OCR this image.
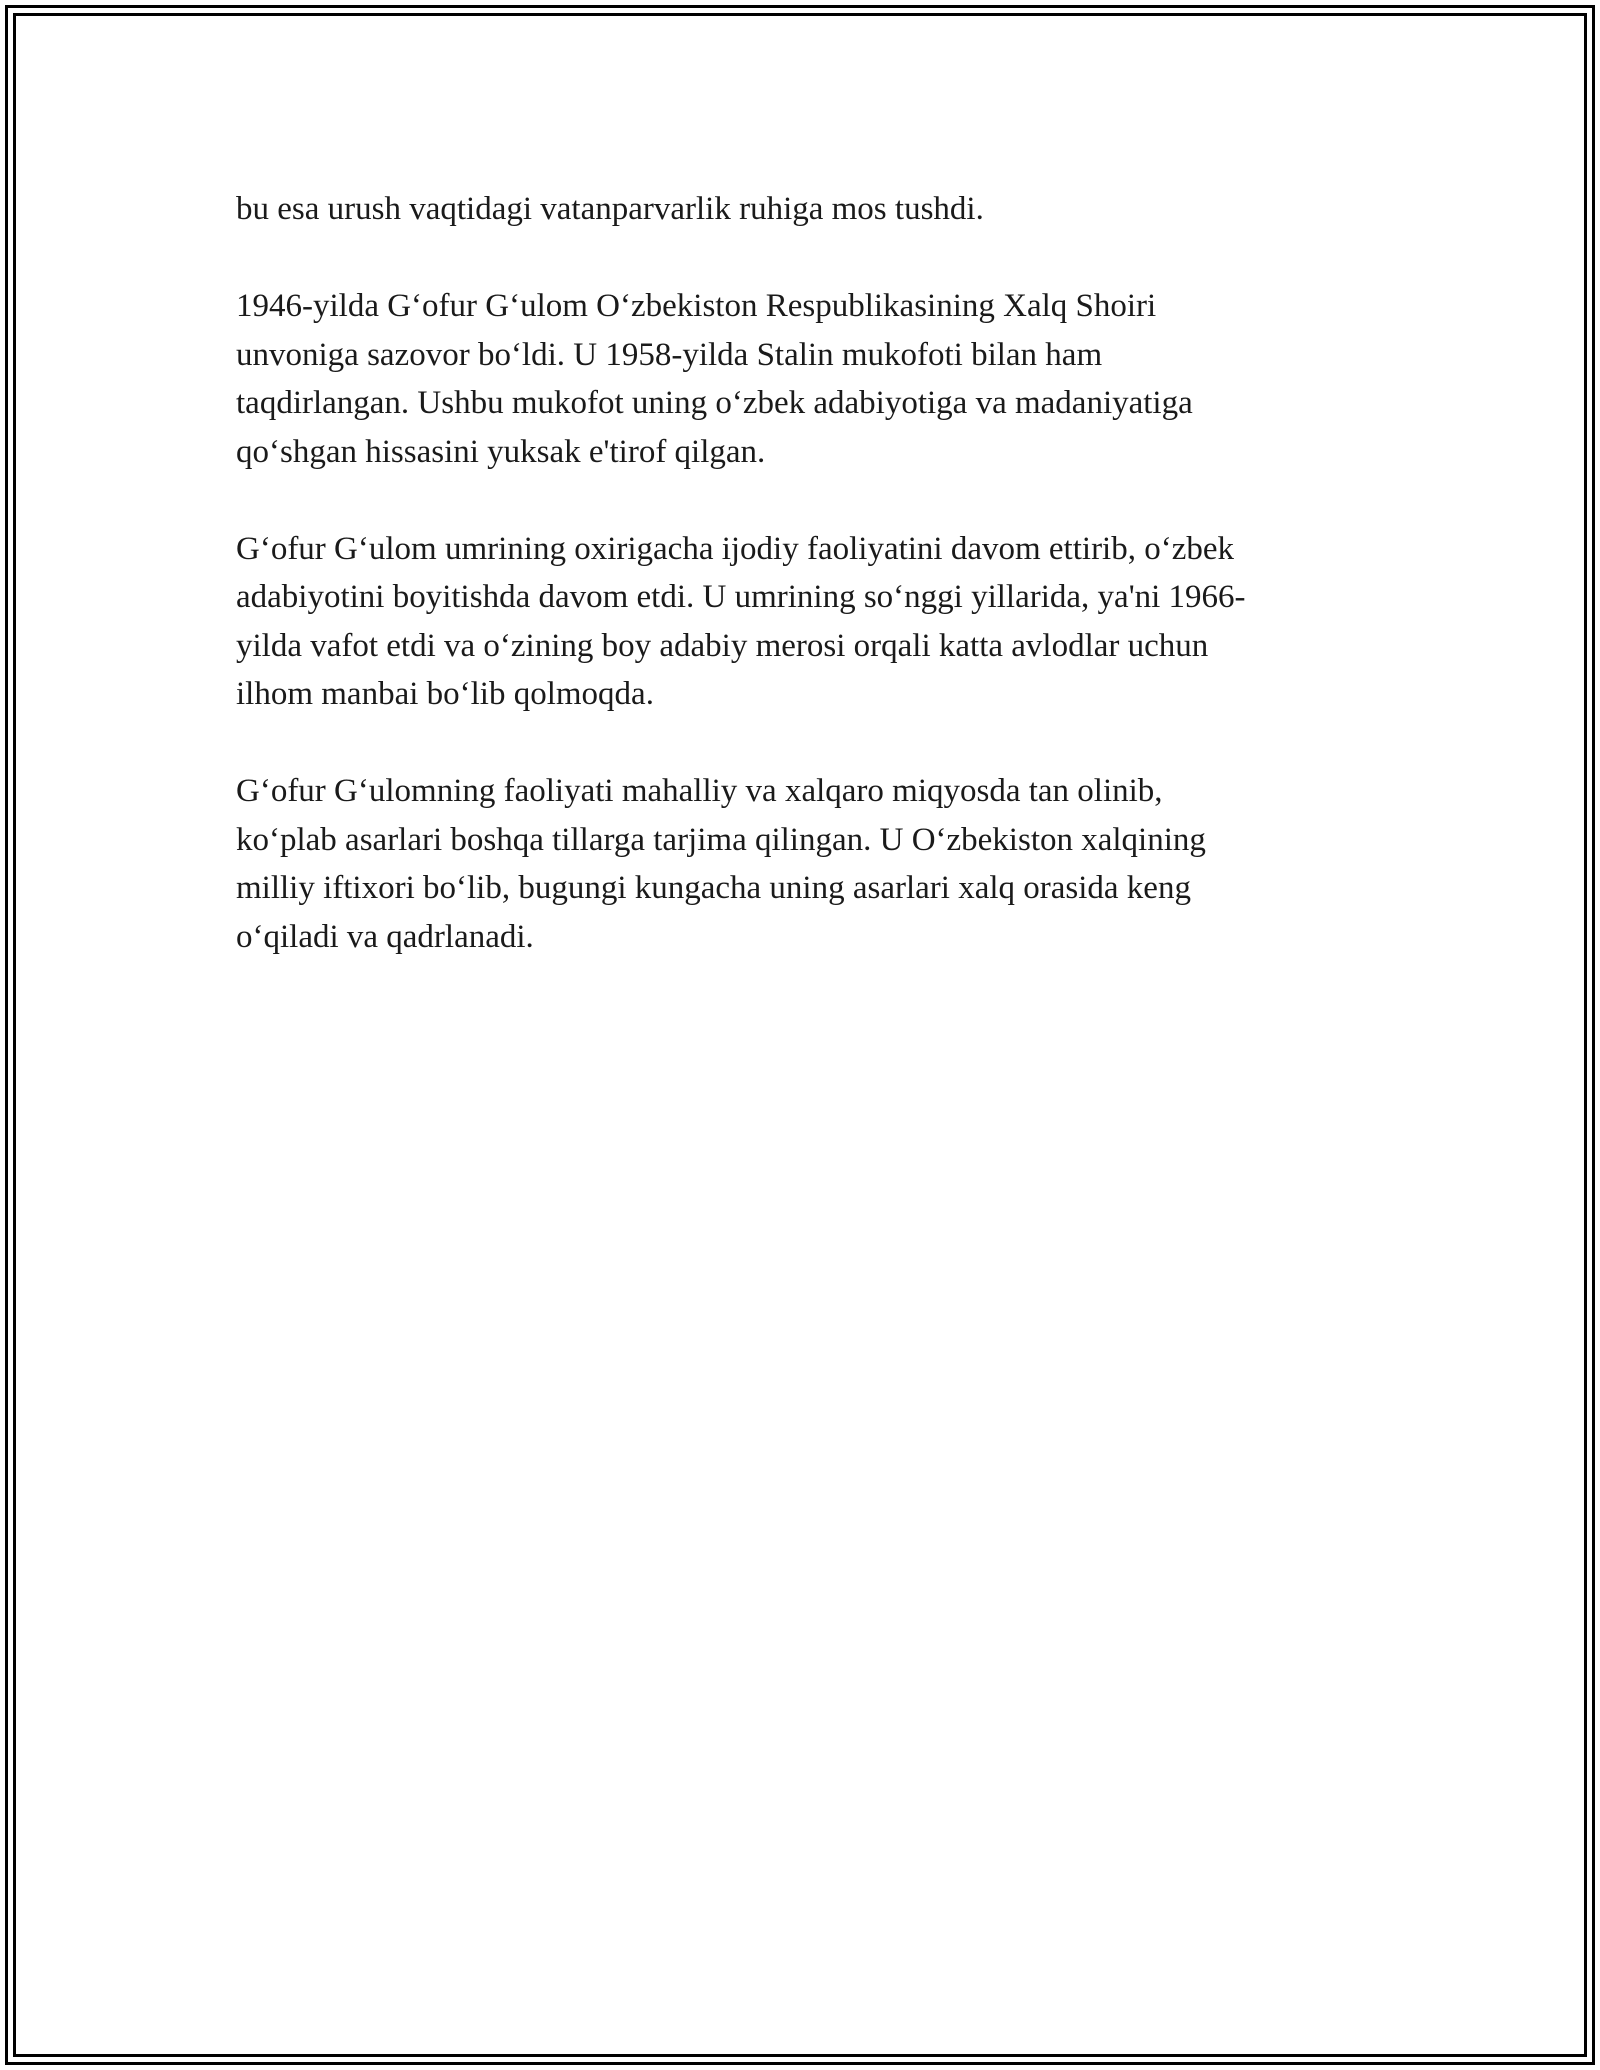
bu esa urush vaqtidagi vatanparvarlik ruhiga mos tushdi.

1946-yilda G‘ofur G‘ulom O‘zbekiston Respublikasining Xalq Shoiri
unvoniga sazovor bo‘ldi. U 1958-yilda Stalin mukofoti bilan ham
taqdirlangan. Ushbu mukofot uning o‘zbek adabiyotiga va madaniyatiga
qo‘shgan hissasini yuksak e'tirof qilgan.

G‘ofur G‘ulom umrining oxirigacha ijodiy faoliyatini davom ettirib, o‘zbek
adabiyotini boyitishda davom etdi. U umrining so‘nggi yillarida, ya'ni 1966-
yilda vafot etdi va o‘zining boy adabiy merosi orqali katta avlodlar uchun
ilhom manbai bo‘lib qolmoqda.

G‘ofur G‘ulomning faoliyati mahalliy va xalqaro miqyosda tan olinib,
ko‘plab asarlari boshqa tillarga tarjima qilingan. U O‘zbekiston xalqining
milliy iftixori bo‘lib, bugungi kungacha uning asarlari xalq orasida keng
o‘qiladi va qadrlanadi.
